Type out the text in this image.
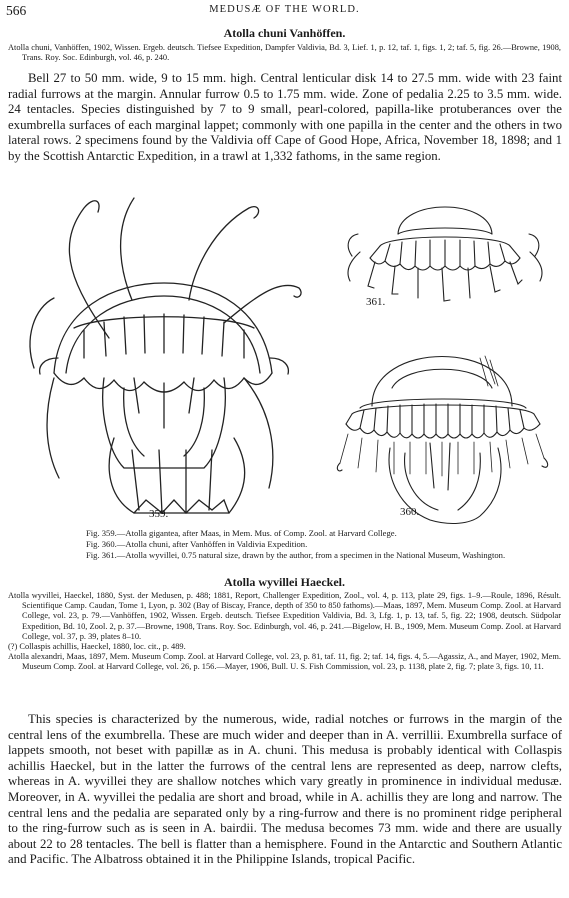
566	MEDUSÆ OF THE WORLD.
Atolla chuni Vanhöffen.

Atolla chuni, Vanhöffen, 1902, Wissen. Ergeb. deutsch. Tiefsee Expedition, Dampfer Valdivia, Bd. 3, Lief. 1, p. 12, taf. 1, figs. 1, 2; taf. 5, fig. 26.—Browne, 1908, Trans. Roy. Soc. Edinburgh, vol. 46, p. 240.

Bell 27 to 50 mm. wide, 9 to 15 mm. high. Central lenticular disk 14 to 27.5 mm. wide with 23 faint radial furrows at the margin. Annular furrow 0.5 to 1.75 mm. wide. Zone of pedalia 2.25 to 3.5 mm. wide. 24 tentacles. Species distinguished by 7 to 9 small, pearl-colored, papilla-like protuberances over the exumbrella surfaces of each marginal lappet; commonly with one papilla in the center and the others in two lateral rows. 2 specimens found by the Valdivia off Cape of Good Hope, Africa, November 18, 1898; and 1 by the Scottish Antarctic Expedition, in a trawl at 1,332 fathoms, in the same region.

359.
361.
360.

Fig. 359.—Atolla gigantea, after Maas, in Mem. Mus. of Comp. Zool. at Harvard College.

Fig. 360.—Atolla chuni, after Vanhöffen in Valdivia Expedition.

Fig. 361.—Atolla wyvillei, 0.75 natural size, drawn by the author, from a specimen in the National Museum, Washington.

Atolla wyvillei Haeckel.

Atolla wyvillei, Haeckel, 1880, Syst. der Medusen, p. 488; 1881, Report, Challenger Expedition, Zool., vol. 4, p. 113, plate 29, figs. 1–9.—Roule, 1896, Résult. Scientifique Camp. Caudan, Tome 1, Lyon, p. 302 (Bay of Biscay, France, depth of 350 to 850 fathoms).—Maas, 1897, Mem. Museum Comp. Zool. at Harvard College, vol. 23, p. 79.—Vanhöffen, 1902, Wissen. Ergeb. deutsch. Tiefsee Expedition Valdivia, Bd. 3, Lfg. 1, p. 13, taf. 5, fig. 22; 1908, deutsch. Südpolar Expedition, Bd. 10, Zool. 2, p. 37.—Browne, 1908, Trans. Roy. Soc. Edinburgh, vol. 46, p. 241.—Bigelow, H. B., 1909, Mem. Museum Comp. Zool. at Harvard College, vol. 37, p. 39, plates 8–10.

(?) Collaspis achillis, Haeckel, 1880, loc. cit., p. 489.

Atolla alexandri, Maas, 1897, Mem. Museum Comp. Zool. at Harvard College, vol. 23, p. 81, taf. 11, fig. 2; taf. 14, figs. 4, 5.—Agassiz, A., and Mayer, 1902, Mem. Museum Comp. Zool. at Harvard College, vol. 26, p. 156.—Mayer, 1906, Bull. U. S. Fish Commission, vol. 23, p. 1138, plate 2, fig. 7; plate 3, figs. 10, 11.

This species is characterized by the numerous, wide, radial notches or furrows in the margin of the central lens of the exumbrella. These are much wider and deeper than in A. verrillii. Exumbrella surface of lappets smooth, not beset with papillæ as in A. chuni. This medusa is probably identical with Collaspis achillis Haeckel, but in the latter the furrows of the central lens are represented as deep, narrow clefts, whereas in A. wyvillei they are shallow notches which vary greatly in prominence in individual medusæ. Moreover, in A. wyvillei the pedalia are short and broad, while in A. achillis they are long and narrow. The central lens and the pedalia are separated only by a ring-furrow and there is no prominent ridge peripheral to the ring-furrow such as is seen in A. bairdii. The medusa becomes 73 mm. wide and there are usually about 22 to 28 tentacles. The bell is flatter than a hemisphere. Found in the Antarctic and Southern Atlantic and Pacific. The Albatross obtained it in the Philippine Islands, tropical Pacific.
